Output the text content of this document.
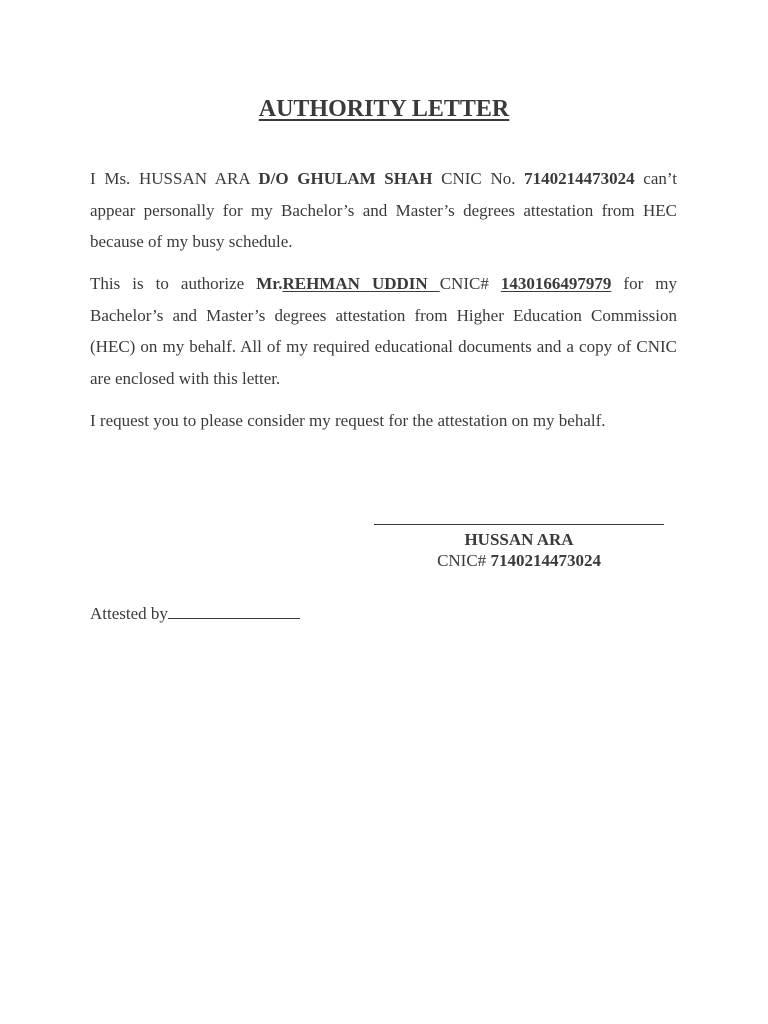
AUTHORITY LETTER

I Ms. HUSSAN ARA D/O GHULAM SHAH CNIC No. 7140214473024 can’t appear personally for my Bachelor’s and Master’s degrees attestation from HEC because of my busy schedule.

This is to authorize Mr.REHMAN UDDIN CNIC# 1430166497979 for my Bachelor’s and Master’s degrees attestation from Higher Education Commission (HEC) on my behalf. All of my required educational documents and a copy of CNIC are enclosed with this letter.

I request you to please consider my request for the attestation on my behalf.

HUSSAN ARA

CNIC# 7140214473024

Attested by
